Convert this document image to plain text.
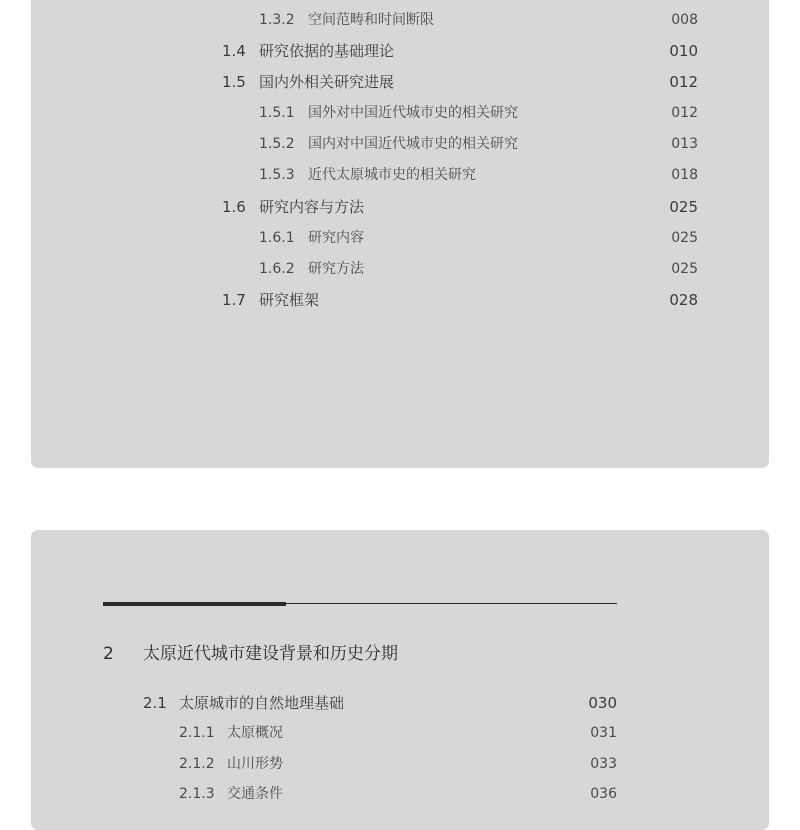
1.3.2 空间范畴和时间断限	008
1.4 研究依据的基础理论	010
1.5 国内外相关研究进展	012
1.5.1 国外对中国近代城市史的相关研究	012
1.5.2 国内对中国近代城市史的相关研究	013
1.5.3 近代太原城市史的相关研究	018
1.6 研究内容与方法	025
1.6.1 研究内容	025
1.6.2 研究方法	025
1.7 研究框架	028
2 太原近代城市建设背景和历史分期
2.1 太原城市的自然地理基础	030
2.1.1 太原概况	031
2.1.2 山川形势	033
2.1.3 交通条件	036
